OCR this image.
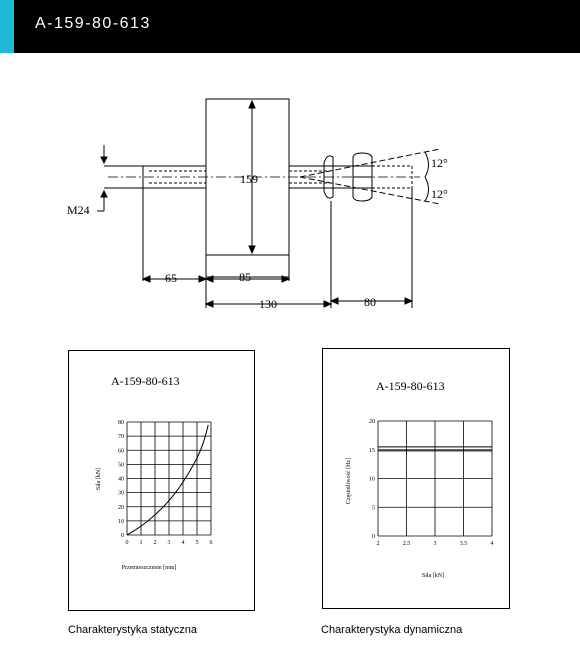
A-159-80-613
M24
159
65	85
130	80
12°
12°
A-159-80-613
Przemieszczenie [mm]
Siła [kN]
0 1 2 3 4 5 6
0
10
20
30
40
50
60
70
80
Charakterystyka statyczna
A-159-80-613
Siła [kN]
Częstotliwość [Hz]
2	2.5	3	3.5	4
0
5
10
15
20
Charakterystyka dynamiczna
